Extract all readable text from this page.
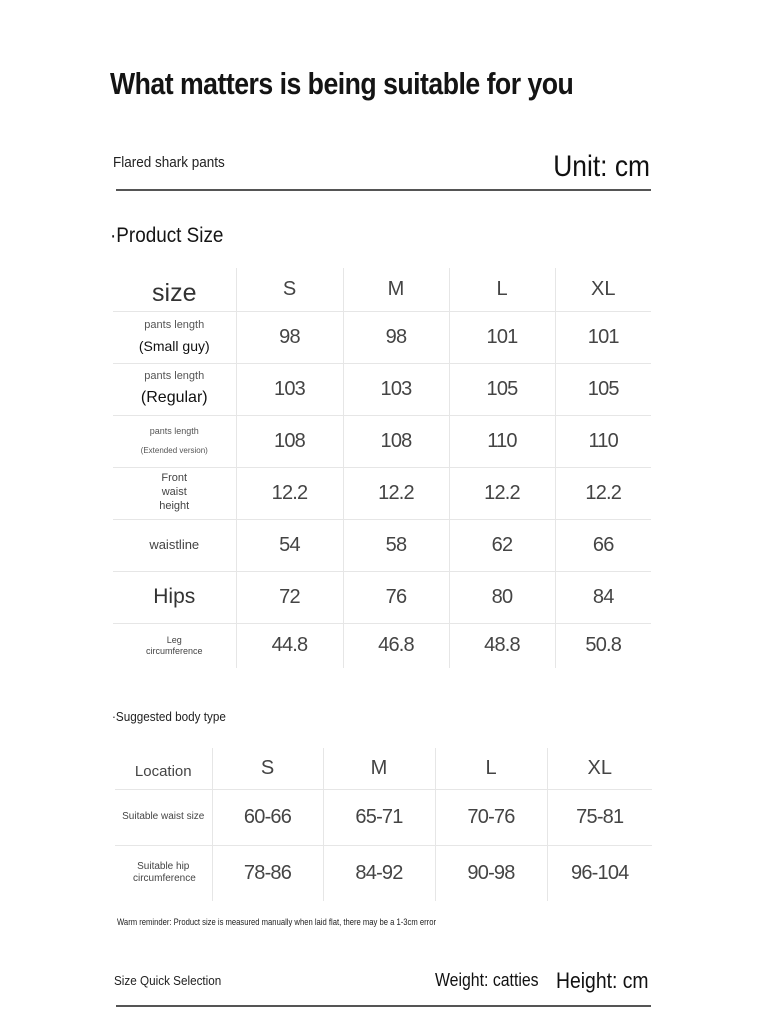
What matters is being suitable for you
Flared shark pants	Unit: cm
·Product Size
size	S	M	L	XL

pants length
(Small guy)	98	98	101	101

pants length
(Regular)	103	103	105	105

pants length
(Extended version)	108	108	110	110
Front waist height	12.2	12.2	12.2	12.2
waistline	54	58	62	66
Hips	72	76	80	84
Leg circumference	44.8	46.8	48.8	50.8
·Suggested body type
Location	S	M	L	XL
Suitable waist size	60-66	65-71	70-76	75-81
Suitable hip circumference	78-86	84-92	90-98	96-104
Warm reminder: Product size is measured manually when laid flat, there may be a 1-3cm error
Size Quick Selection	Weight: catties Height: cm
